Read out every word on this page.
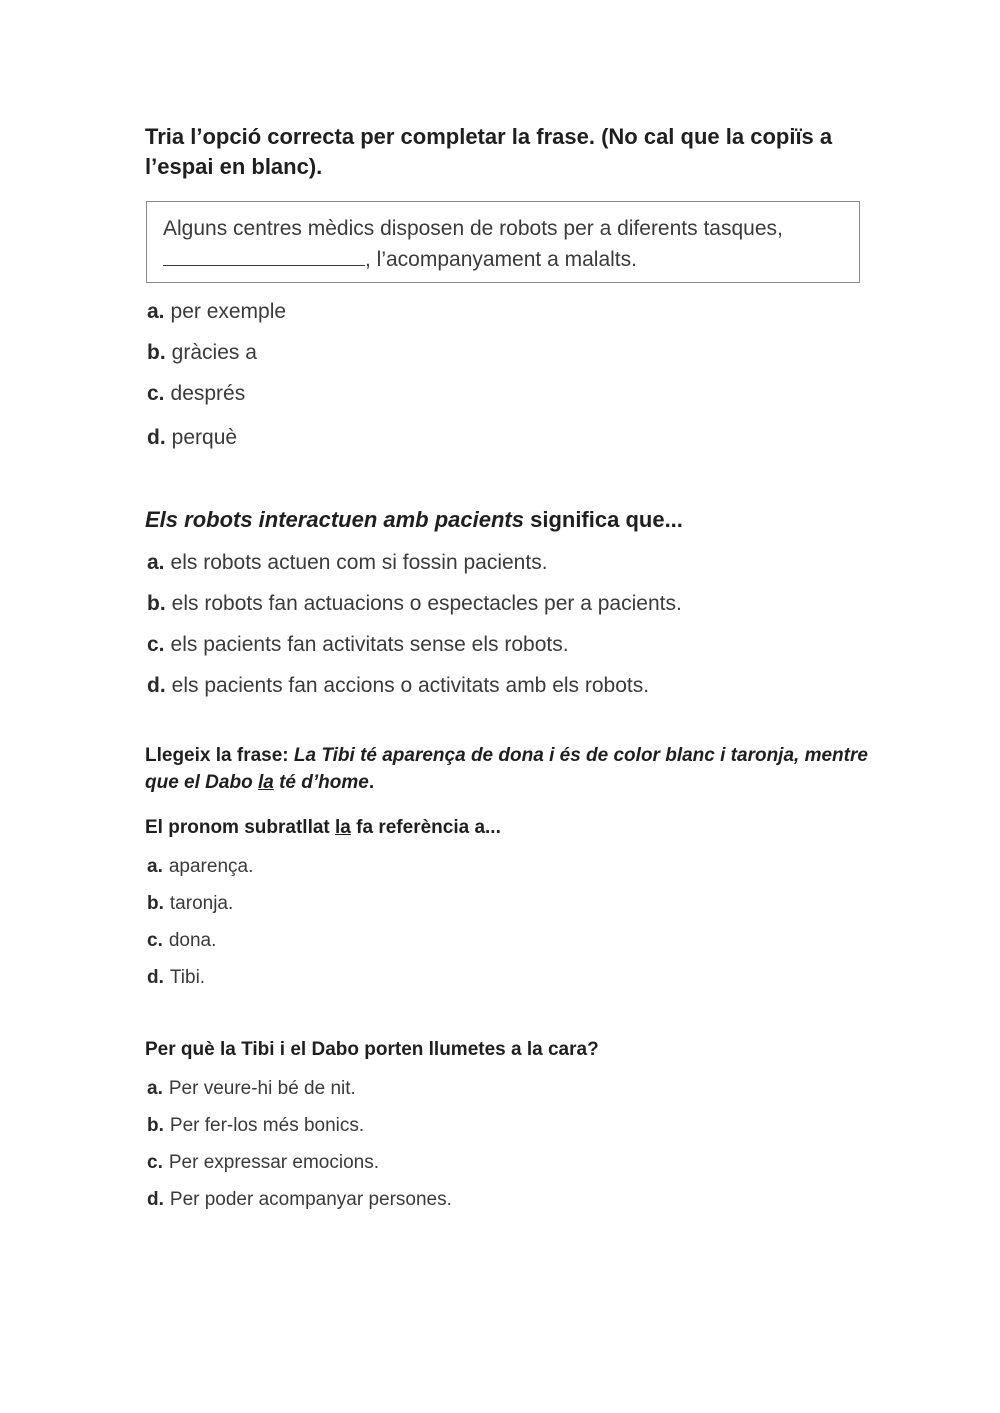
Tria l’opció correcta per completar la frase. (No cal que la copiïs a l’espai en blanc).
Alguns centres mèdics disposen de robots per a diferents tasques,
, l’acompanyament a malalts.
a. per exemple
b. gràcies a
c. després
d. perquè
Els robots interactuen amb pacients significa que...
a. els robots actuen com si fossin pacients.
b. els robots fan actuacions o espectacles per a pacients.
c. els pacients fan activitats sense els robots.
d. els pacients fan accions o activitats amb els robots.
Llegeix la frase: La Tibi té aparença de dona i és de color blanc i taronja, mentre que el Dabo la té d’home.
El pronom subratllat la fa referència a...
a. aparença.
b. taronja.
c. dona.
d. Tibi.
Per què la Tibi i el Dabo porten llumetes a la cara?
a. Per veure-hi bé de nit.
b. Per fer-los més bonics.
c. Per expressar emocions.
d. Per poder acompanyar persones.
